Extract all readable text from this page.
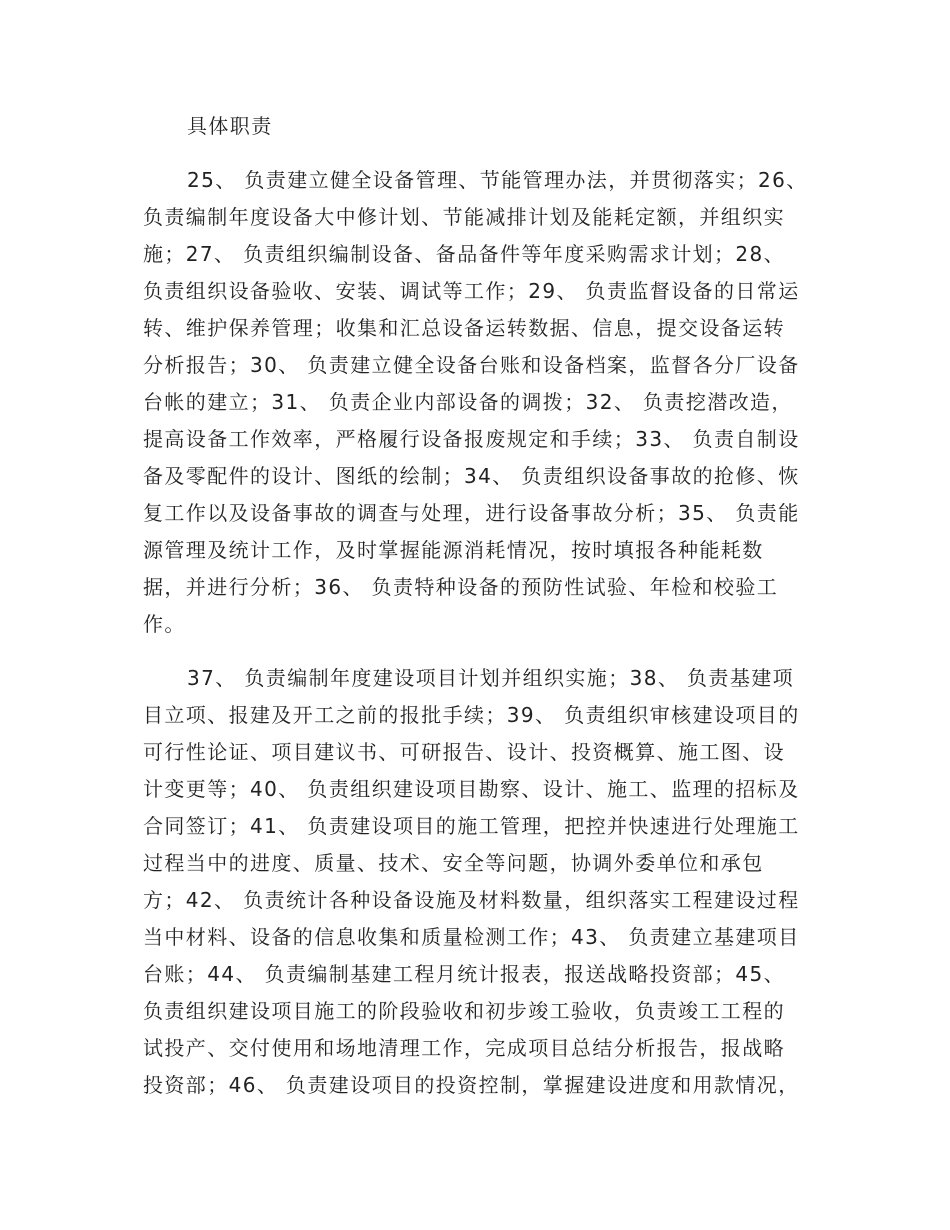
具体职责
25、 负责建立健全设备管理、节能管理办法，并贯彻落实；26、
负责编制年度设备大中修计划、节能减排计划及能耗定额，并组织实
施；27、 负责组织编制设备、备品备件等年度采购需求计划；28、
负责组织设备验收、安装、调试等工作；29、 负责监督设备的日常运
转、维护保养管理；收集和汇总设备运转数据、信息，提交设备运转
分析报告；30、 负责建立健全设备台账和设备档案，监督各分厂设备
台帐的建立；31、 负责企业内部设备的调拨；32、 负责挖潜改造，
提高设备工作效率，严格履行设备报废规定和手续；33、 负责自制设
备及零配件的设计、图纸的绘制；34、 负责组织设备事故的抢修、恢
复工作以及设备事故的调查与处理，进行设备事故分析；35、 负责能
源管理及统计工作，及时掌握能源消耗情况，按时填报各种能耗数
据，并进行分析；36、 负责特种设备的预防性试验、年检和校验工
作。
37、 负责编制年度建设项目计划并组织实施；38、 负责基建项
目立项、报建及开工之前的报批手续；39、 负责组织审核建设项目的
可行性论证、项目建议书、可研报告、设计、投资概算、施工图、设
计变更等；40、 负责组织建设项目勘察、设计、施工、监理的招标及
合同签订；41、 负责建设项目的施工管理，把控并快速进行处理施工
过程当中的进度、质量、技术、安全等问题，协调外委单位和承包
方；42、 负责统计各种设备设施及材料数量，组织落实工程建设过程
当中材料、设备的信息收集和质量检测工作；43、 负责建立基建项目
台账；44、 负责编制基建工程月统计报表，报送战略投资部；45、
负责组织建设项目施工的阶段验收和初步竣工验收，负责竣工工程的
试投产、交付使用和场地清理工作，完成项目总结分析报告，报战略
投资部；46、 负责建设项目的投资控制，掌握建设进度和用款情况，
